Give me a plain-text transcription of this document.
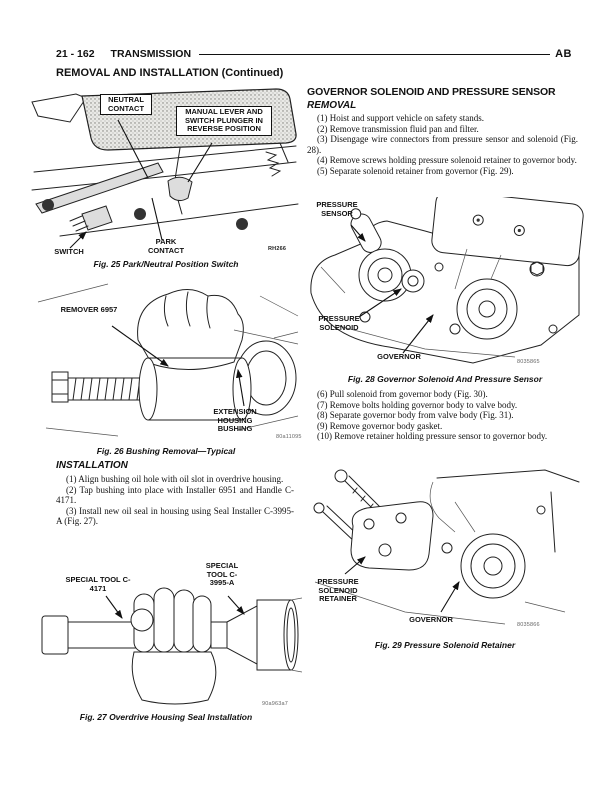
21 - 162 TRANSMISSION	AB
REMOVAL AND INSTALLATION (Continued)
NEUTRAL CONTACT	MANUAL LEVER AND SWITCH PLUNGER IN REVERSE POSITION
SWITCH
PARK CONTACT	RH266
Fig. 25 Park/Neutral Position Switch
REMOVER 6957
EXTENSION HOUSING BUSHING
80a11095
Fig. 26 Bushing Removal—Typical
INSTALLATION

(1) Align bushing oil hole with oil slot in overdrive housing.

(2) Tap bushing into place with Installer 6951 and Handle C-4171.

(3) Install new oil seal in housing using Seal Installer C-3995-A (Fig. 27).

SPECIAL TOOL C-4171
SPECIAL TOOL C-3995-A
90a963a7
Fig. 27 Overdrive Housing Seal Installation
GOVERNOR SOLENOID AND PRESSURE SENSOR
REMOVAL

(1) Hoist and support vehicle on safety stands.

(2) Remove transmission fluid pan and filter.

(3) Disengage wire connectors from pressure sensor and solenoid (Fig. 28).

(4) Remove screws holding pressure solenoid retainer to governor body.

(5) Separate solenoid retainer from governor (Fig. 29).

PRESSURE SENSOR
PRESSURE SOLENOID
GOVERNOR
8035865
Fig. 28 Governor Solenoid And Pressure Sensor

(6) Pull solenoid from governor body (Fig. 30).

(7) Remove bolts holding governor body to valve body.

(8) Separate governor body from valve body (Fig. 31).

(9) Remove governor body gasket.

(10) Remove retainer holding pressure sensor to governor body.

PRESSURE SOLENOID RETAINER
GOVERNOR
8035866
Fig. 29 Pressure Solenoid Retainer
